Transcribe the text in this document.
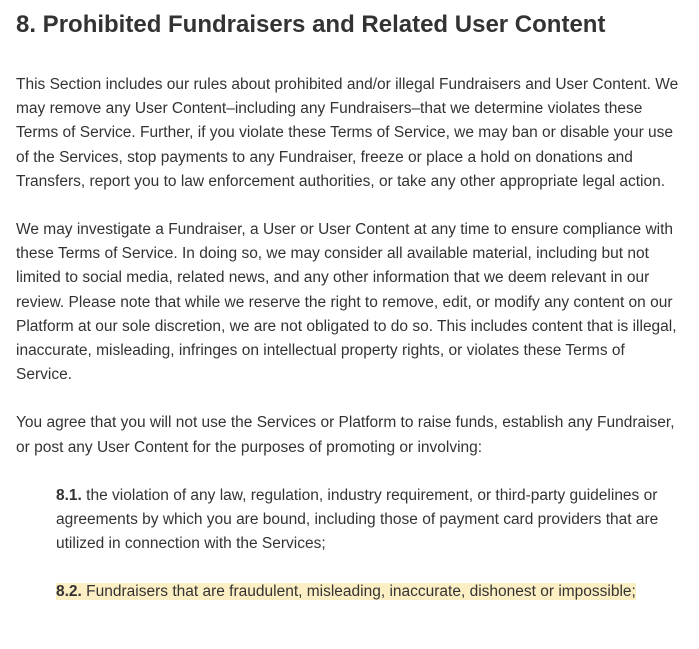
8. Prohibited Fundraisers and Related User Content

This Section includes our rules about prohibited and/or illegal Fundraisers and User Content. We may remove any User Content–including any Fundraisers–that we determine violates these Terms of Service. Further, if you violate these Terms of Service, we may ban or disable your use of the Services, stop payments to any Fundraiser, freeze or place a hold on donations and Transfers, report you to law enforcement authorities, or take any other appropriate legal action.

We may investigate a Fundraiser, a User or User Content at any time to ensure compliance with these Terms of Service. In doing so, we may consider all available material, including but not limited to social media, related news, and any other information that we deem relevant in our review. Please note that while we reserve the right to remove, edit, or modify any content on our Platform at our sole discretion, we are not obligated to do so. This includes content that is illegal, inaccurate, misleading, infringes on intellectual property rights, or violates these Terms of Service.

You agree that you will not use the Services or Platform to raise funds, establish any Fundraiser, or post any User Content for the purposes of promoting or involving:

8.1. the violation of any law, regulation, industry requirement, or third-party guidelines or agreements by which you are bound, including those of payment card providers that are utilized in connection with the Services;

8.2. Fundraisers that are fraudulent, misleading, inaccurate, dishonest or impossible;
